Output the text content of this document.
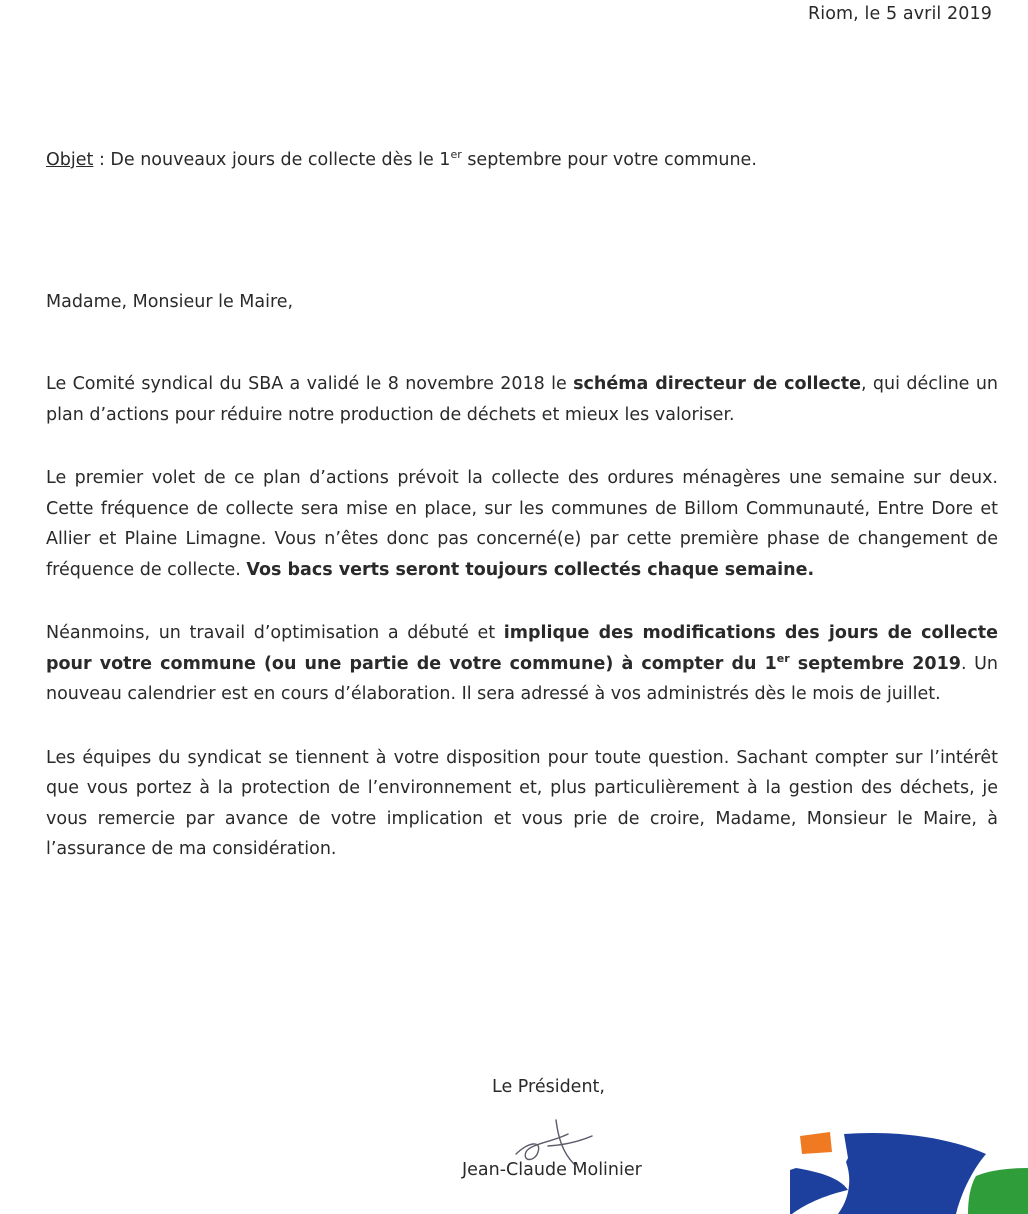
Riom, le 5 avril 2019
Objet : De nouveaux jours de collecte dès le 1er septembre pour votre commune.
Madame, Monsieur le Maire,

Le Comité syndical du SBA a validé le 8 novembre 2018 le schéma directeur de collecte, qui décline un plan d’actions pour réduire notre production de déchets et mieux les valoriser.

Le premier volet de ce plan d’actions prévoit la collecte des ordures ménagères une semaine sur deux. Cette fréquence de collecte sera mise en place, sur les communes de Billom Communauté, Entre Dore et Allier et Plaine Limagne. Vous n’êtes donc pas concerné(e) par cette première phase de changement de fréquence de collecte. Vos bacs verts seront toujours collectés chaque semaine.

Néanmoins, un travail d’optimisation a débuté et implique des modifications des jours de collecte pour votre commune (ou une partie de votre commune) à compter du 1er septembre 2019. Un nouveau calendrier est en cours d’élaboration. Il sera adressé à vos administrés dès le mois de juillet.

Les équipes du syndicat se tiennent à votre disposition pour toute question. Sachant compter sur l’intérêt que vous portez à la protection de l’environnement et, plus particulièrement à la gestion des déchets, je vous remercie par avance de votre implication et vous prie de croire, Madame, Monsieur le Maire, à l’assurance de ma considération.

Le Président,
Jean-Claude Molinier
